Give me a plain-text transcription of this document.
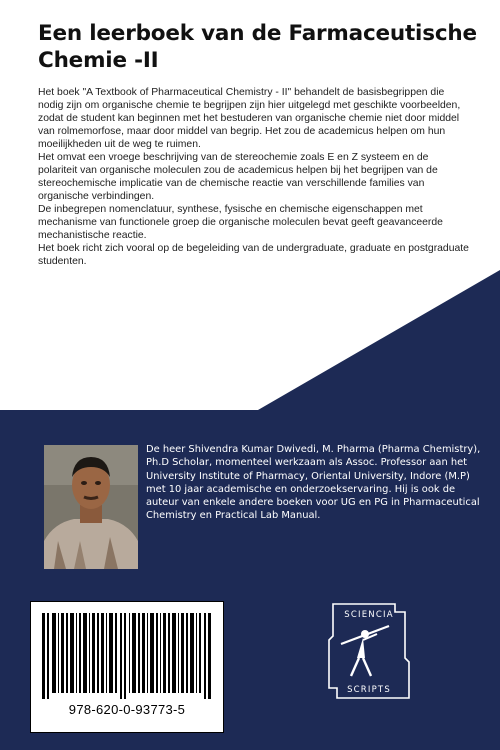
Een leerboek van de Farmaceutische Chemie -II

Het boek "A Textbook of Pharmaceutical Chemistry - II" behandelt de basisbegrippen die nodig zijn om organische chemie te begrijpen zijn hier uitgelegd met geschikte voorbeelden, zodat de student kan beginnen met het bestuderen van organische chemie niet door middel van rolmemorfose, maar door middel van begrip. Het zou de academicus helpen om hun moeilijkheden uit de weg te ruimen.

Het omvat een vroege beschrijving van de stereochemie zoals E en Z systeem en de polariteit van organische moleculen zou de academicus helpen bij het begrijpen van de stereochemische implicatie van de chemische reactie van verschillende families van organische verbindingen.

De inbegrepen nomenclatuur, synthese, fysische en chemische eigenschappen met mechanisme van functionele groep die organische moleculen bevat geeft geavanceerde mechanistische reactie.

Het boek richt zich vooral op de begeleiding van de undergraduate, graduate en postgraduate studenten.

De heer Shivendra Kumar Dwivedi, M. Pharma (Pharma Chemistry), Ph.D Scholar, momenteel werkzaam als Assoc. Professor aan het University Institute of Pharmacy, Oriental University, Indore (M.P) met 10 jaar academische en onderzoekservaring. Hij is ook de auteur van enkele andere boeken voor UG en PG in Pharmaceutical Chemistry en Practical Lab Manual.
978-620-0-93773-5
SCIENCIA
SCRIPTS
